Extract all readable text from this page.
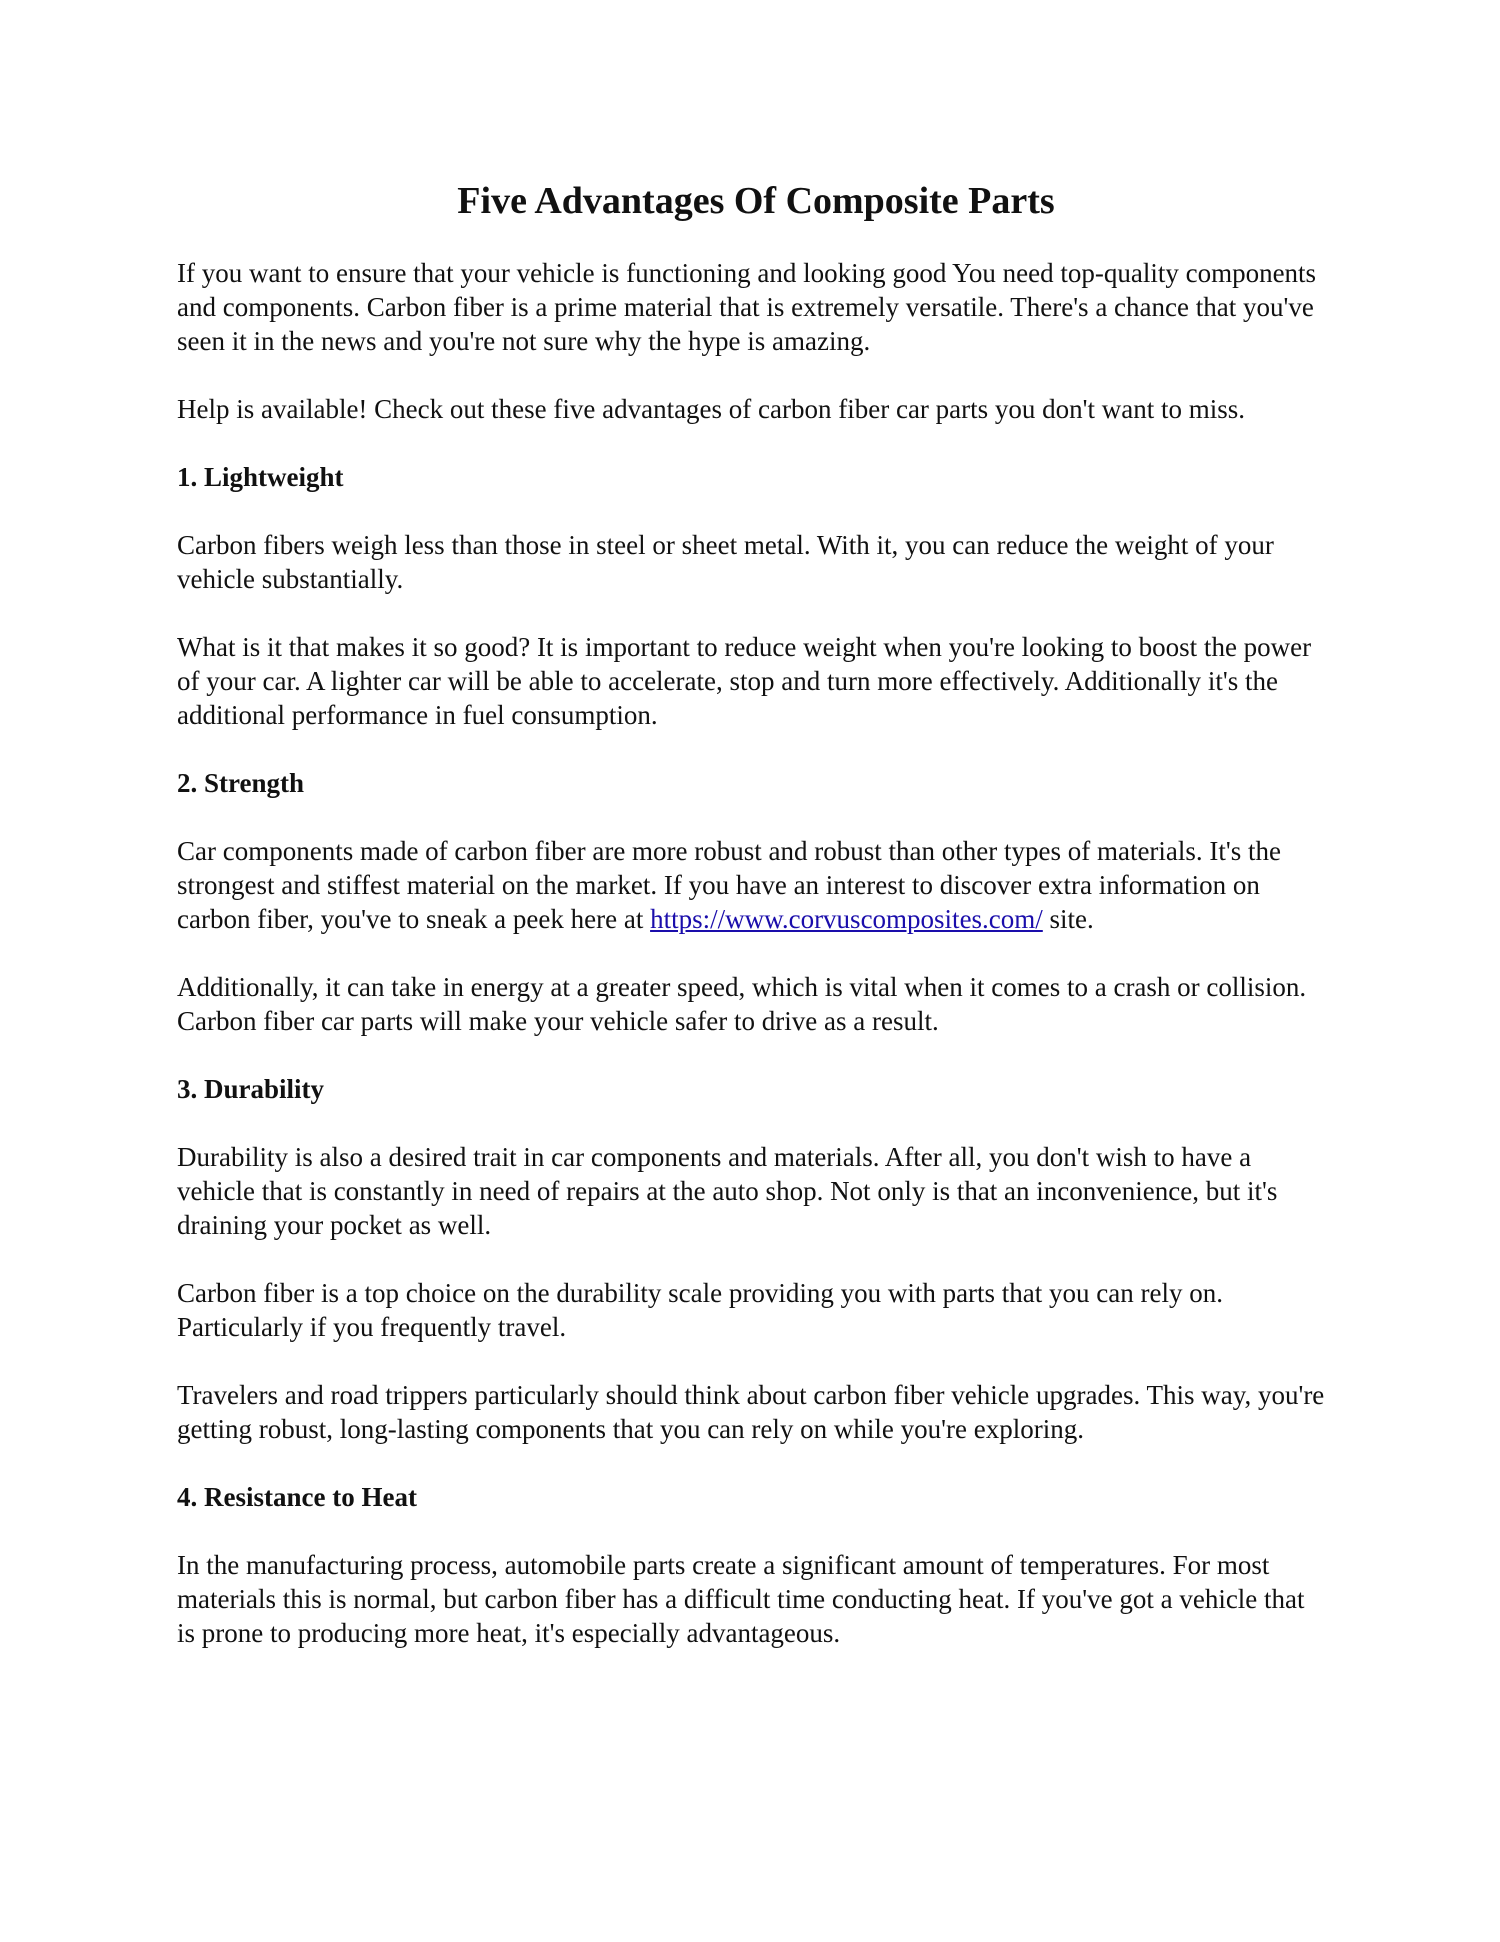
Five Advantages Of Composite Parts

If you want to ensure that your vehicle is functioning and looking good You need top-quality components and components. Carbon fiber is a prime material that is extremely versatile. There's a chance that you've seen it in the news and you're not sure why the hype is amazing.

Help is available! Check out these five advantages of carbon fiber car parts you don't want to miss.

1. Lightweight

Carbon fibers weigh less than those in steel or sheet metal. With it, you can reduce the weight of your vehicle substantially.

What is it that makes it so good? It is important to reduce weight when you're looking to boost the power of your car. A lighter car will be able to accelerate, stop and turn more effectively. Additionally it's the additional performance in fuel consumption.

2. Strength

Car components made of carbon fiber are more robust and robust than other types of materials. It's the strongest and stiffest material on the market. If you have an interest to discover extra information on carbon fiber, you've to sneak a peek here at https://www.corvuscomposites.com/ site.

Additionally, it can take in energy at a greater speed, which is vital when it comes to a crash or collision. Carbon fiber car parts will make your vehicle safer to drive as a result.

3. Durability

Durability is also a desired trait in car components and materials. After all, you don't wish to have a vehicle that is constantly in need of repairs at the auto shop. Not only is that an inconvenience, but it's draining your pocket as well.

Carbon fiber is a top choice on the durability scale providing you with parts that you can rely on. Particularly if you frequently travel.

Travelers and road trippers particularly should think about carbon fiber vehicle upgrades. This way, you're getting robust, long-lasting components that you can rely on while you're exploring.

4. Resistance to Heat

In the manufacturing process, automobile parts create a significant amount of temperatures. For most materials this is normal, but carbon fiber has a difficult time conducting heat. If you've got a vehicle that is prone to producing more heat, it's especially advantageous.
